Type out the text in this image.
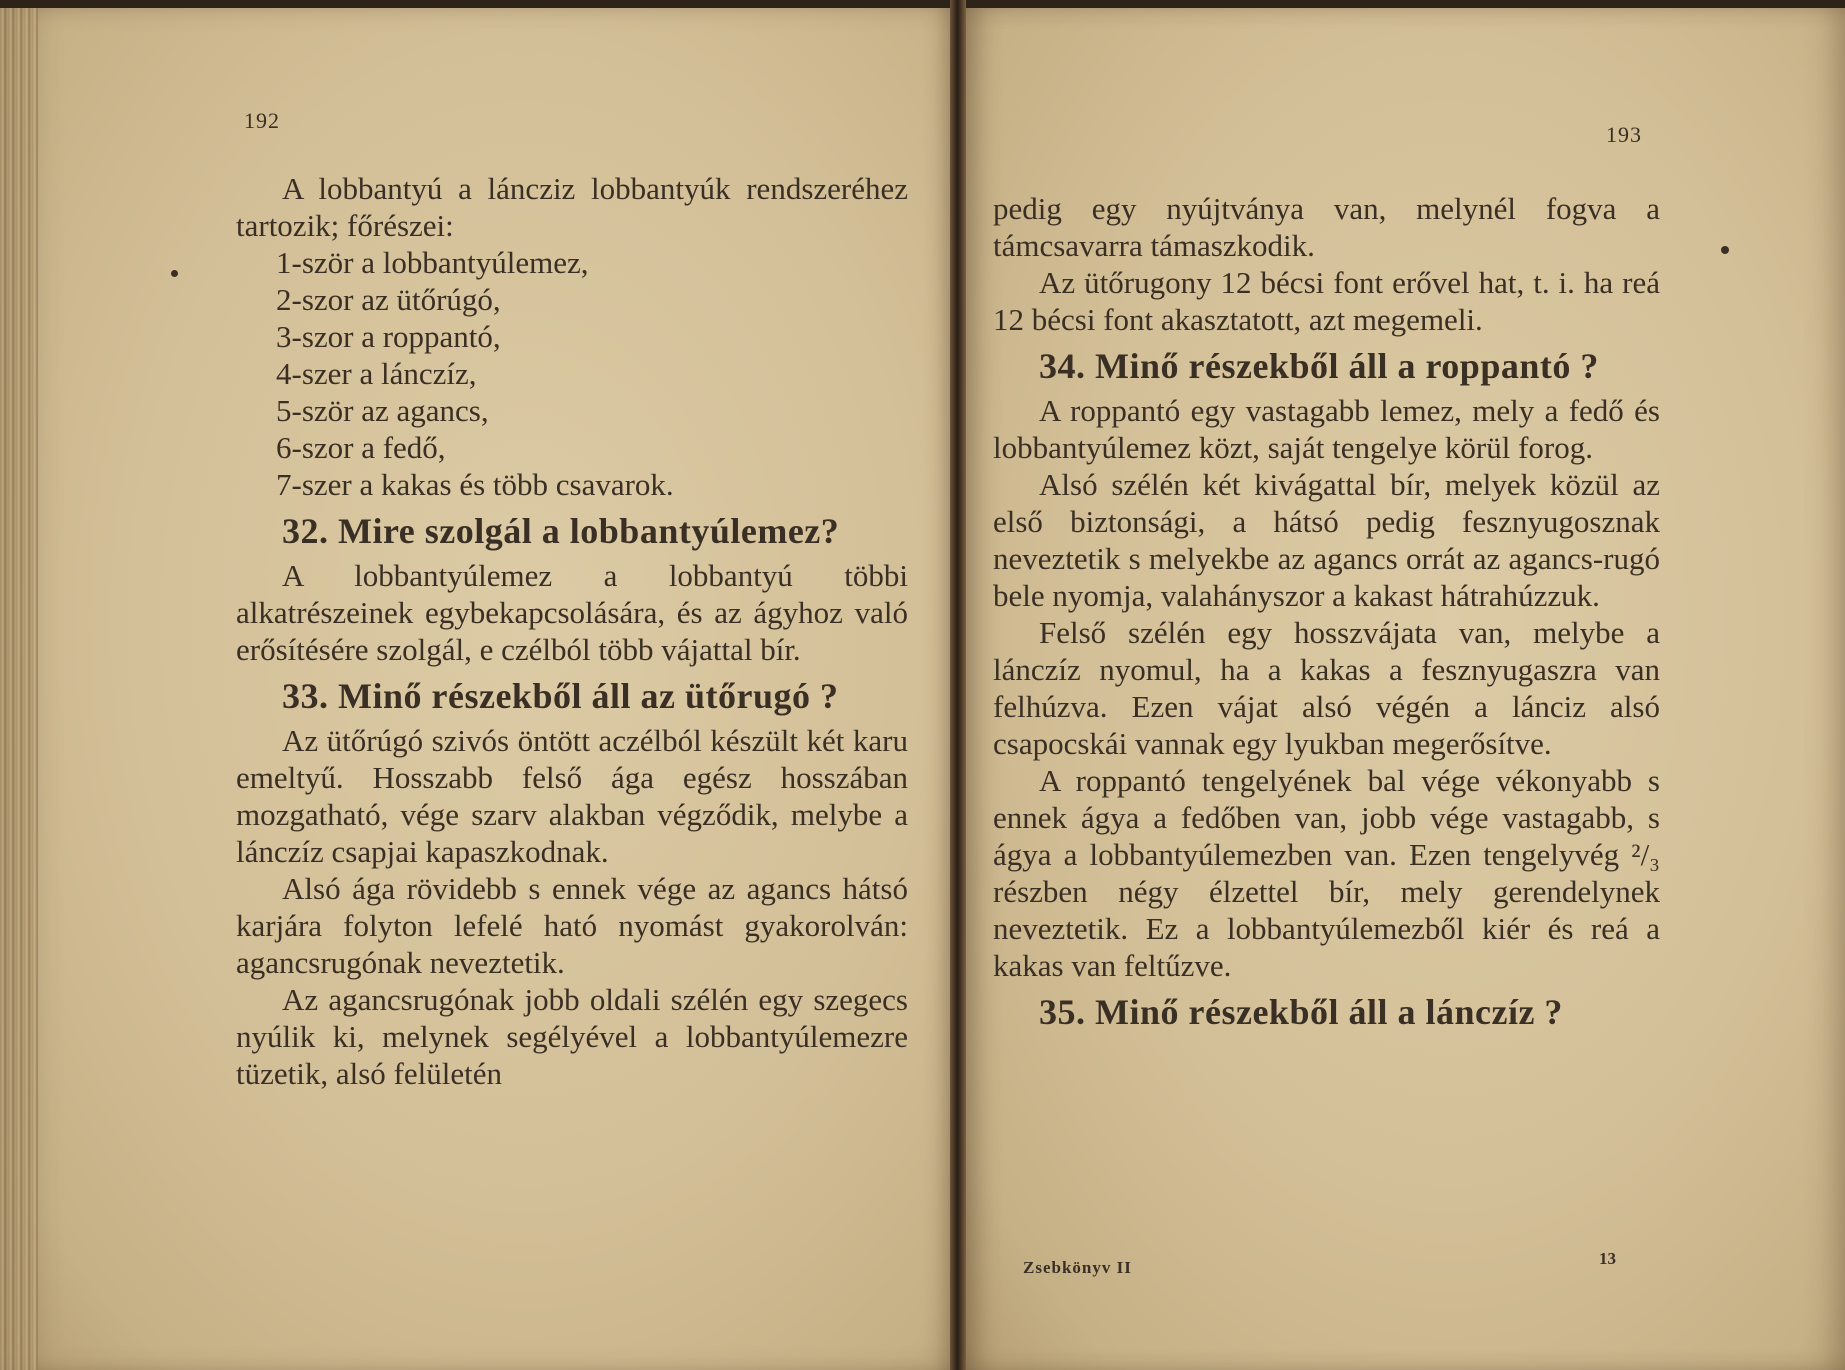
192
193

A lobbantyú a láncziz lobbantyúk rendszeréhez tartozik; főrészei:

1-ször a lobbantyúlemez,
2-szor az ütőrúgó,
3-szor a roppantó,
4-szer a lánczíz,
5-ször az agancs,
6-szor a fedő,
7-szer a kakas és több csavarok.
32. Mire szolgál a lobbantyúlemez?

A lobbantyúlemez a lobbantyú többi alkatrészeinek egybekapcsolására, és az ágyhoz való erősítésére szolgál, e czélból több vájattal bír.

33. Minő részekből áll az ütőrugó ?

Az ütőrúgó szivós öntött aczélból készült két karu emeltyű. Hosszabb felső ága egész hosszában mozgatható, vége szarv alakban végződik, melybe a lánczíz csapjai kapaszkodnak.

Alsó ága rövidebb s ennek vége az agancs hátsó karjára folyton lefelé ható nyomást gyakorolván: agancsrugónak neveztetik.

Az agancsrugónak jobb oldali szélén egy szegecs nyúlik ki, melynek segélyével a lobbantyúlemezre tüzetik, alsó felületén

pedig egy nyújtványa van, melynél fogva a támcsavarra támaszkodik.

Az ütőrugony 12 bécsi font erővel hat, t. i. ha reá 12 bécsi font akasztatott, azt megemeli.

34. Minő részekből áll a roppantó ?

A roppantó egy vastagabb lemez, mely a fedő és lobbantyúlemez közt, saját tengelye körül forog.

Alsó szélén két kivágattal bír, melyek közül az első biztonsági, a hátsó pedig fesznyugosznak neveztetik s melyekbe az agancs orrát az agancs-rugó bele nyomja, valahányszor a kakast hátrahúzzuk.

Felső szélén egy hosszvájata van, melybe a lánczíz nyomul, ha a kakas a fesznyugaszra van felhúzva. Ezen vájat alsó végén a lánciz alsó csapocskái vannak egy lyukban megerősítve.

A roppantó tengelyének bal vége vékonyabb s ennek ágya a fedőben van, jobb vége vastagabb, s ágya a lobbantyúlemezben van. Ezen tengelyvég ²/₃ részben négy élzettel bír, mely gerendelynek neveztetik. Ez a lobbantyúlemezből kiér és reá a kakas van feltűzve.

35. Minő részekből áll a lánczíz ?
Zsebkönyv II	13
